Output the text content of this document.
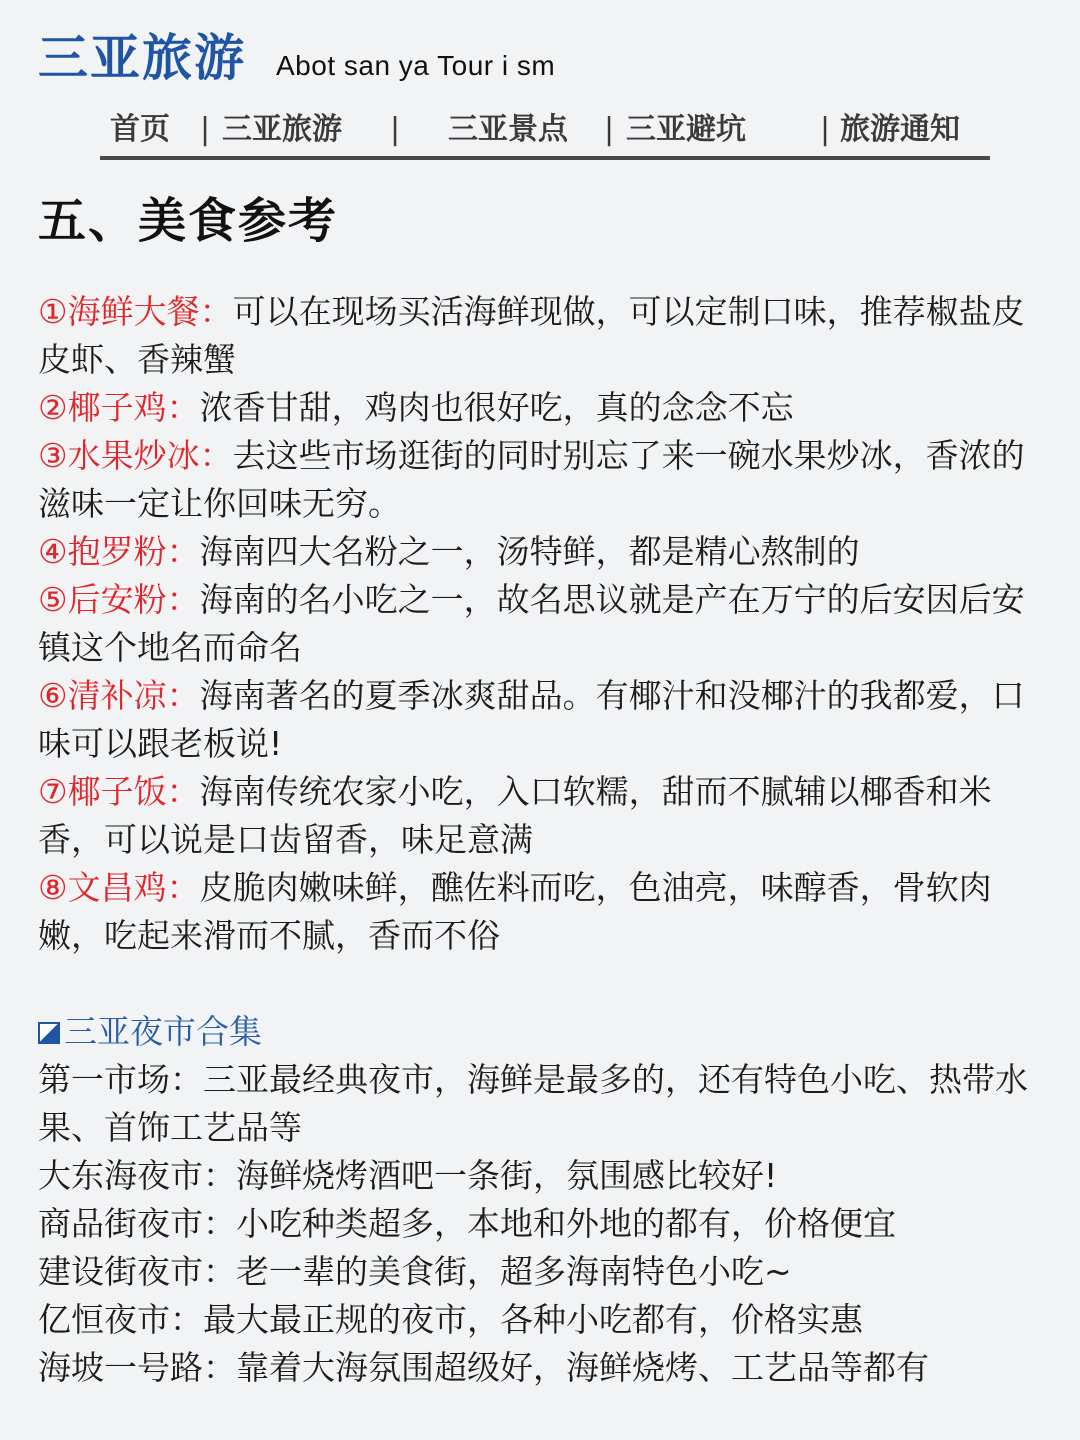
三亚旅游 Abot san ya Tour i sm
首页 | 三亚旅游 | 三亚景点 | 三亚避坑 | 旅游通知
五、美食参考

①海鲜大餐：可以在现场买活海鲜现做，可以定制口味，推荐椒盐皮皮虾、香辣蟹

②椰子鸡：浓香甘甜，鸡肉也很好吃，真的念念不忘

③水果炒冰：去这些市场逛街的同时别忘了来一碗水果炒冰，香浓的滋味一定让你回味无穷。

④抱罗粉：海南四大名粉之一，汤特鲜，都是精心熬制的

⑤后安粉：海南的名小吃之一，故名思议就是产在万宁的后安因后安镇这个地名而命名

⑥清补凉：海南著名的夏季冰爽甜品。有椰汁和没椰汁的我都爱，口味可以跟老板说!

⑦椰子饭：海南传统农家小吃，入口软糯，甜而不腻辅以椰香和米香，可以说是口齿留香，味足意满

⑧文昌鸡：皮脆肉嫩味鲜，醮佐料而吃，色油亮，味醇香，骨软肉嫩，吃起来滑而不腻，香而不俗

三亚夜市合集

第一市场：三亚最经典夜市，海鲜是最多的，还有特色小吃、热带水果、首饰工艺品等

大东海夜市：海鲜烧烤酒吧一条街，氛围感比较好!

商品街夜市：小吃种类超多，本地和外地的都有，价格便宜

建设街夜市：老一辈的美食街，超多海南特色小吃~

亿恒夜市：最大最正规的夜市，各种小吃都有，价格实惠

海坡一号路：靠着大海氛围超级好，海鲜烧烤、工艺品等都有
